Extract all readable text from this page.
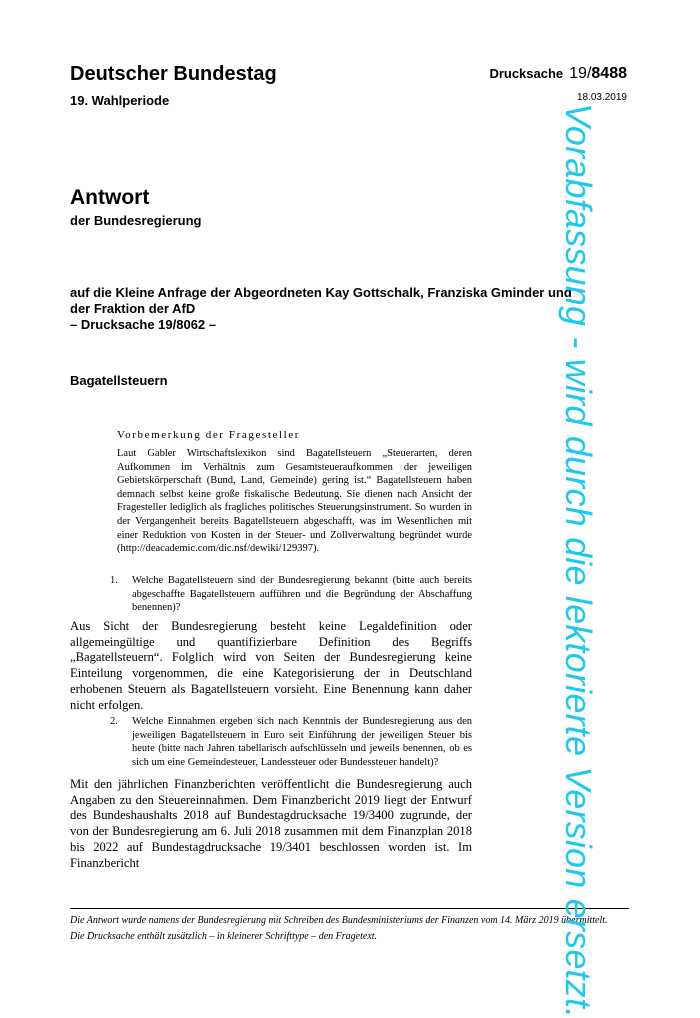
Deutscher Bundestag
19. Wahlperiode
Drucksache 19/8488
18.03.2019
Antwort
der Bundesregierung
auf die Kleine Anfrage der Abgeordneten Kay Gottschalk, Franziska Gminder und
der Fraktion der AfD
– Drucksache 19/8062 –
Bagatellsteuern
Vorbemerkung der Fragesteller
Laut Gabler Wirtschaftslexikon sind Bagatellsteuern „Steuerarten, deren Aufkommen im Verhältnis zum Gesamtsteueraufkommen der jeweiligen Gebietskörperschaft (Bund, Land, Gemeinde) gering ist.“ Bagatellsteuern haben demnach selbst keine große fiskalische Bedeutung. Sie dienen nach Ansicht der Fragesteller lediglich als fragliches politisches Steuerungsinstrument. So wurden in der Vergangenheit bereits Bagatellsteuern abgeschafft, was im Wesentlichen mit einer Reduktion von Kosten in der Steuer- und Zollverwaltung begründet wurde (http://deacademic.com/dic.nsf/dewiki/129397).
1.	Welche Bagatellsteuern sind der Bundesregierung bekannt (bitte auch bereits abgeschaffte Bagatellsteuern aufführen und die Begründung der Abschaffung benennen)?
Aus Sicht der Bundesregierung besteht keine Legaldefinition oder allgemeingültige und quantifizierbare Definition des Begriffs „Bagatellsteuern“. Folglich wird von Seiten der Bundesregierung keine Einteilung vorgenommen, die eine Kategorisierung der in Deutschland erhobenen Steuern als Bagatellsteuern vorsieht. Eine Benennung kann daher nicht erfolgen.
2.	Welche Einnahmen ergeben sich nach Kenntnis der Bundesregierung aus den jeweiligen Bagatellsteuern in Euro seit Einführung der jeweiligen Steuer bis heute (bitte nach Jahren tabellarisch aufschlüsseln und jeweils benennen, ob es sich um eine Gemeindesteuer, Landessteuer oder Bundessteuer handelt)?
Mit den jährlichen Finanzberichten veröffentlicht die Bundesregierung auch Angaben zu den Steuereinnahmen. Dem Finanzbericht 2019 liegt der Entwurf des Bundeshaushalts 2018 auf Bundestagdrucksache 19/3400 zugrunde, der von der Bundesregierung am 6. Juli 2018 zusammen mit dem Finanzplan 2018 bis 2022 auf Bundestagdrucksache 19/3401 beschlossen worden ist. Im Finanzbericht

Die Antwort wurde namens der Bundesregierung mit Schreiben des Bundesministeriums der Finanzen vom 14. März 2019 übermittelt.

Die Drucksache enthält zusätzlich – in kleinerer Schrifttype – den Fragetext.	Vorabfassung - wird durch die lektorierte Version ersetzt.
